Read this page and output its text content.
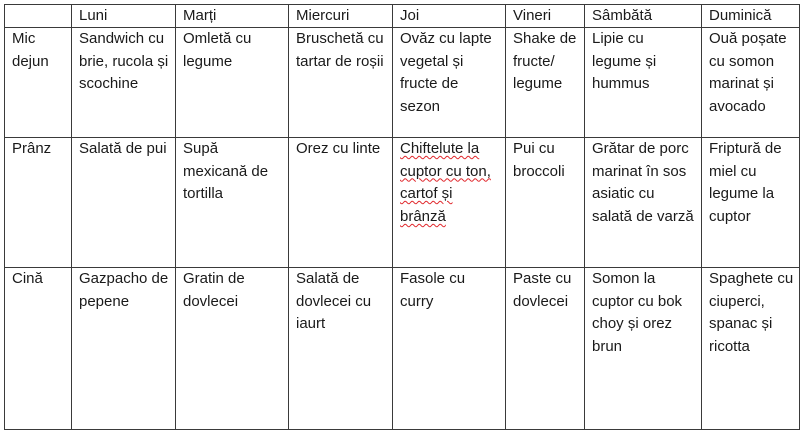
	Luni	Marți	Miercuri	Joi	Vineri	Sâmbătă	Duminică
Mic dejun	Sandwich cu brie, rucola și scochine	Omletă cu legume	Bruschetă cu tartar de roșii	Ovăz cu lapte vegetal și fructe de sezon	Shake de fructe/ legume	Lipie cu legume și hummus	Ouă poșate cu somon marinat și avocado
Prânz	Salată de pui	Supă mexicană de tortilla	Orez cu linte	Chiftelute la cuptor cu ton, cartof și brânză	Pui cu broccoli	Grătar de porc marinat în sos asiatic cu salată de varză	Friptură de miel cu legume la cuptor
Cină	Gazpacho de pepene	Gratin de dovlecei	Salată de dovlecei cu iaurt	Fasole cu curry	Paste cu dovlecei	Somon la cuptor cu bok choy și orez brun	Spaghete cu ciuperci, spanac și ricotta
